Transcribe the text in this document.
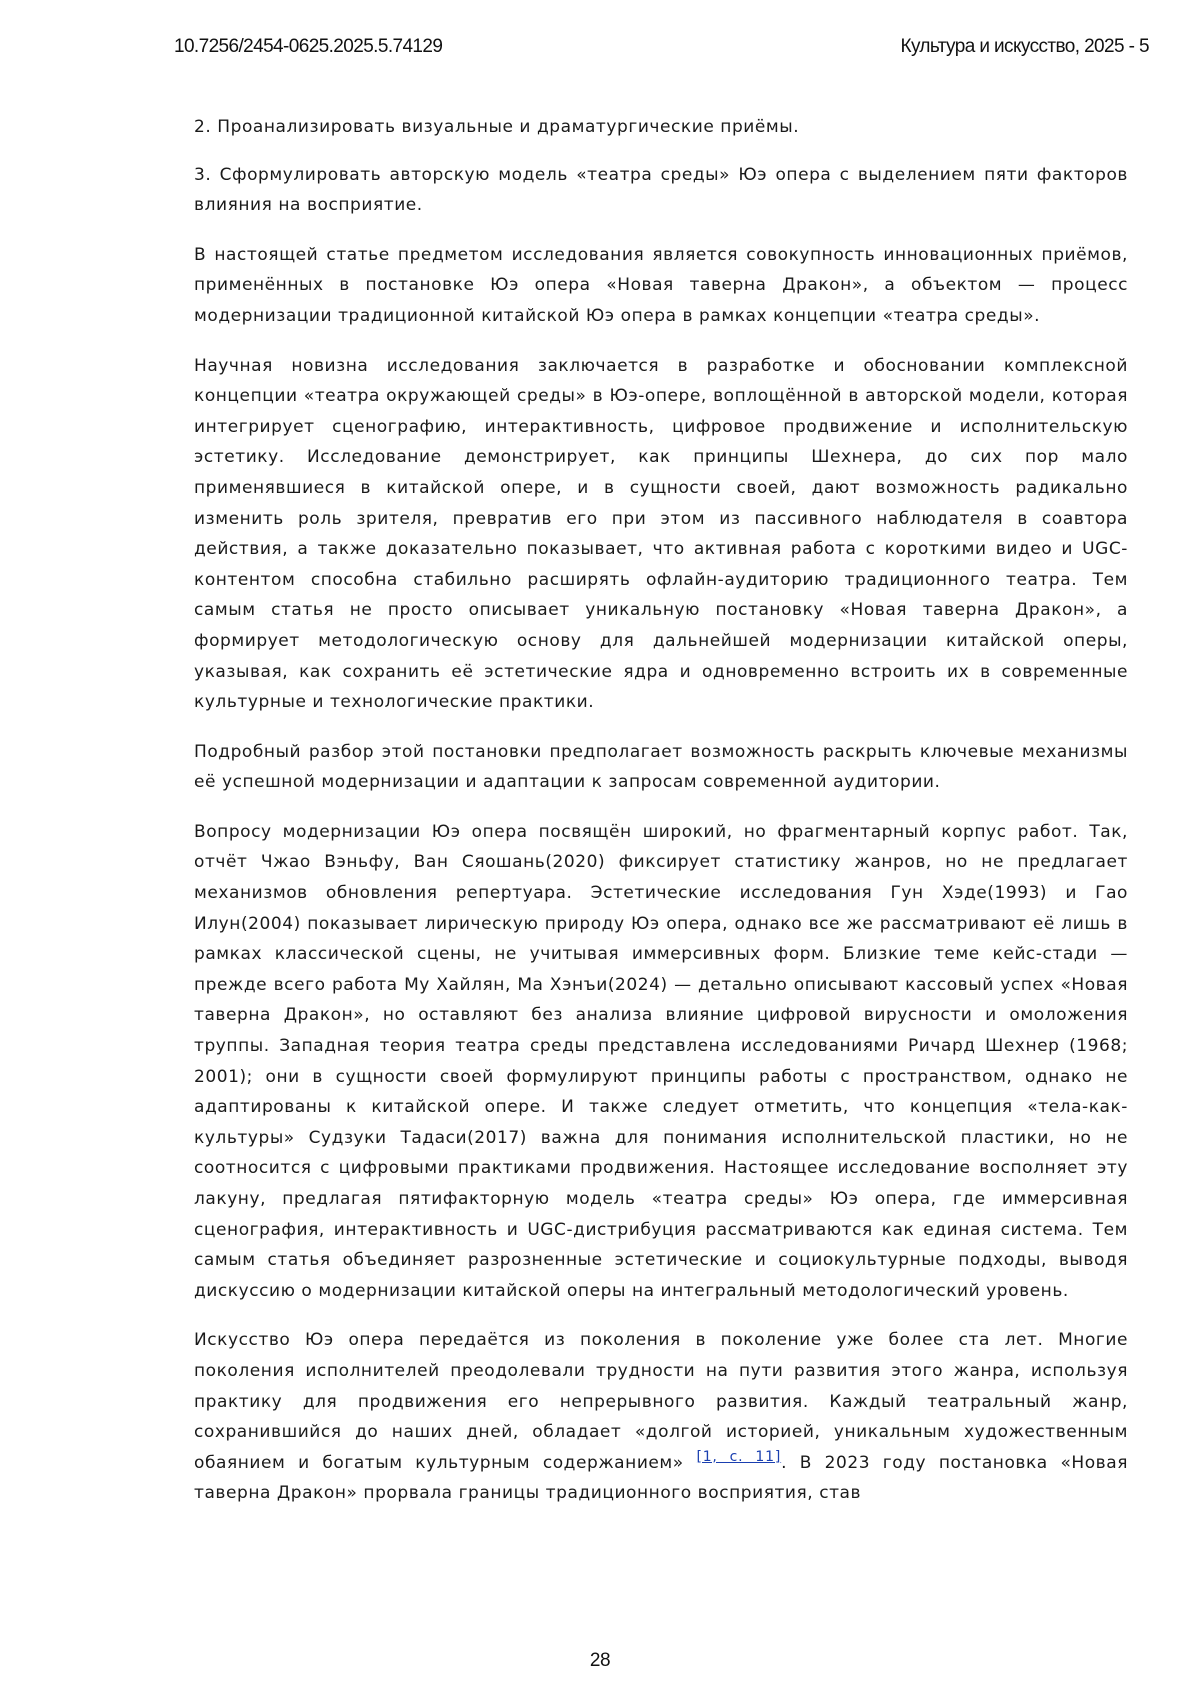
10.7256/2454-0625.2025.5.74129	Культура и искусство, 2025 - 5

2. Проанализировать визуальные и драматургические приёмы.

3. Сформулировать авторскую модель «театра среды» Юэ опера с выделением пяти факторов влияния на восприятие.

В настоящей статье предметом исследования является совокупность инновационных приёмов, применённых в постановке Юэ опера «Новая таверна Дракон», а объектом — процесс модернизации традиционной китайской Юэ опера в рамках концепции «театра среды».

Научная новизна исследования заключается в разработке и обосновании комплексной концепции «театра окружающей среды» в Юэ-опере, воплощённой в авторской модели, которая интегрирует сценографию, интерактивность, цифровое продвижение и исполнительскую эстетику. Исследование демонстрирует, как принципы Шехнера, до сих пор мало применявшиеся в китайской опере, и в сущности своей, дают возможность радикально изменить роль зрителя, превратив его при этом из пассивного наблюдателя в соавтора действия, а также доказательно показывает, что активная работа с короткими видео и UGC-контентом способна стабильно расширять офлайн-аудиторию традиционного театра. Тем самым статья не просто описывает уникальную постановку «Новая таверна Дракон», а формирует методологическую основу для дальнейшей модернизации китайской оперы, указывая, как сохранить её эстетические ядра и одновременно встроить их в современные культурные и технологические практики.

Подробный разбор этой постановки предполагает возможность раскрыть ключевые механизмы её успешной модернизации и адаптации к запросам современной аудитории.

Вопросу модернизации Юэ опера посвящён широкий, но фрагментарный корпус работ. Так, отчёт Чжао Вэньфу, Ван Сяошань(2020) фиксирует статистику жанров, но не предлагает механизмов обновления репертуара. Эстетические исследования Гун Хэде(1993) и Гао Илун(2004) показывает лирическую природу Юэ опера, однако все же рассматривают её лишь в рамках классической сцены, не учитывая иммерсивных форм. Близкие теме кейс-стади — прежде всего работа Му Хайлян, Ма Хэнъи(2024) — детально описывают кассовый успех «Новая таверна Дракон», но оставляют без анализа влияние цифровой вирусности и омоложения труппы. Западная теория театра среды представлена исследованиями Ричард Шехнер (1968; 2001); они в сущности своей формулируют принципы работы с пространством, однако не адаптированы к китайской опере. И также следует отметить, что концепция «тела-как-культуры» Судзуки Тадаси(2017) важна для понимания исполнительской пластики, но не соотносится с цифровыми практиками продвижения. Настоящее исследование восполняет эту лакуну, предлагая пятифакторную модель «театра среды» Юэ опера, где иммерсивная сценография, интерактивность и UGC-дистрибуция рассматриваются как единая система. Тем самым статья объединяет разрозненные эстетические и социокультурные подходы, выводя дискуссию о модернизации китайской оперы на интегральный методологический уровень.

Искусство Юэ опера передаётся из поколения в поколение уже более ста лет. Многие поколения исполнителей преодолевали трудности на пути развития этого жанра, используя практику для продвижения его непрерывного развития. Каждый театральный жанр, сохранившийся до наших дней, обладает «долгой историей, уникальным художественным обаянием и богатым культурным содержанием» [1, с. 11]. В 2023 году постановка «Новая таверна Дракон» прорвала границы традиционного восприятия, став

28
